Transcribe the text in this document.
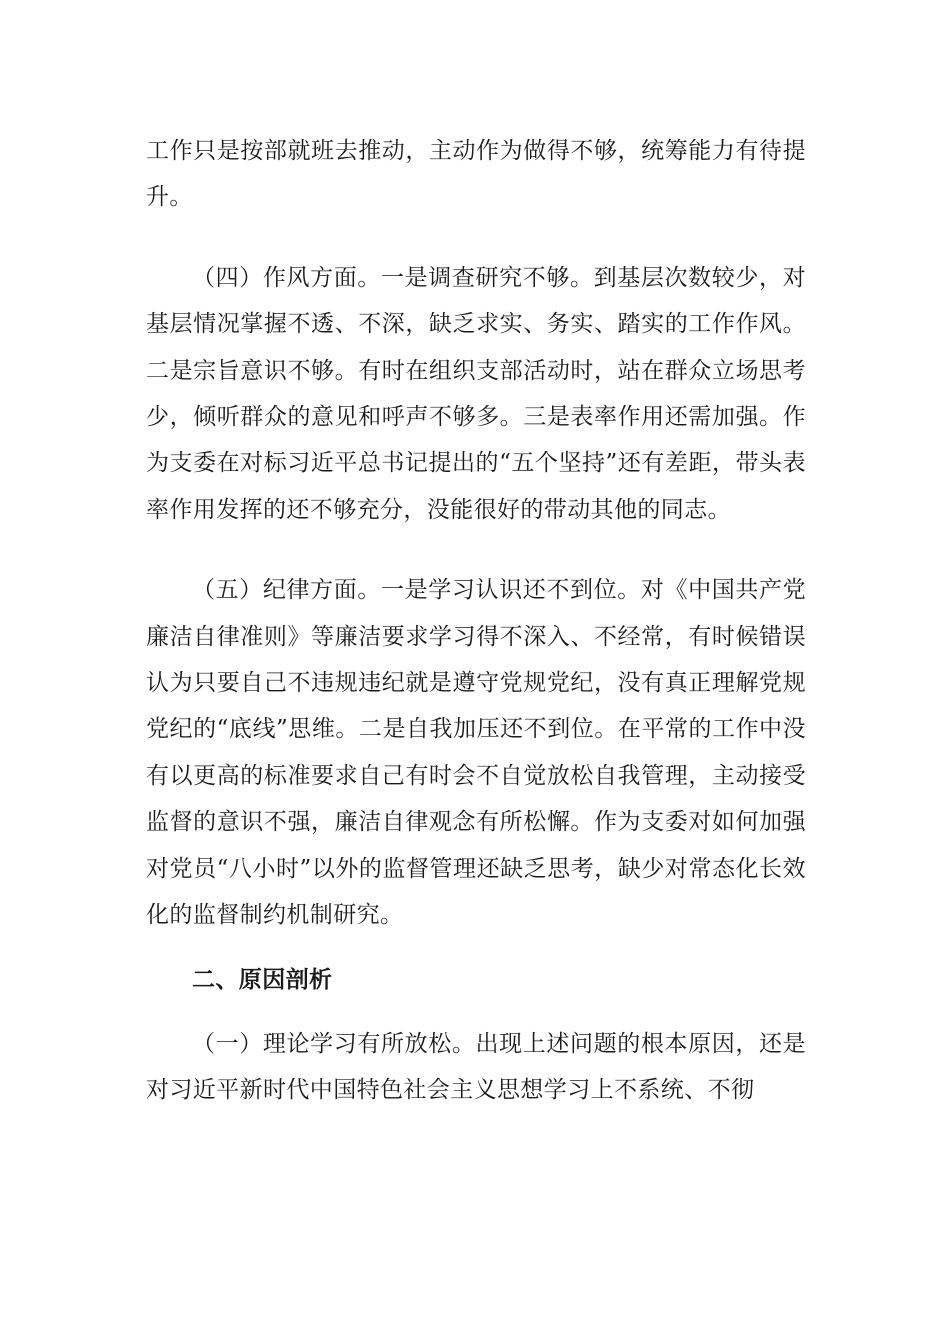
工作只是按部就班去推动，主动作为做得不够，统筹能力有待提升。

（四）作风方面。一是调查研究不够。到基层次数较少，对基层情况掌握不透、不深，缺乏求实、务实、踏实的工作作风。二是宗旨意识不够。有时在组织支部活动时，站在群众立场思考少，倾听群众的意见和呼声不够多。三是表率作用还需加强。作为支委在对标习近平总书记提出的“五个坚持”还有差距，带头表率作用发挥的还不够充分，没能很好的带动其他的同志。

（五）纪律方面。一是学习认识还不到位。对《中国共产党廉洁自律准则》等廉洁要求学习得不深入、不经常，有时候错误认为只要自己不违规违纪就是遵守党规党纪，没有真正理解党规党纪的“底线”思维。二是自我加压还不到位。在平常的工作中没有以更高的标准要求自己有时会不自觉放松自我管理，主动接受监督的意识不强，廉洁自律观念有所松懈。作为支委对如何加强对党员“八小时”以外的监督管理还缺乏思考，缺少对常态化长效化的监督制约机制研究。

二、原因剖析

（一）理论学习有所放松。出现上述问题的根本原因，还是对习近平新时代中国特色社会主义思想学习上不系统、不彻
